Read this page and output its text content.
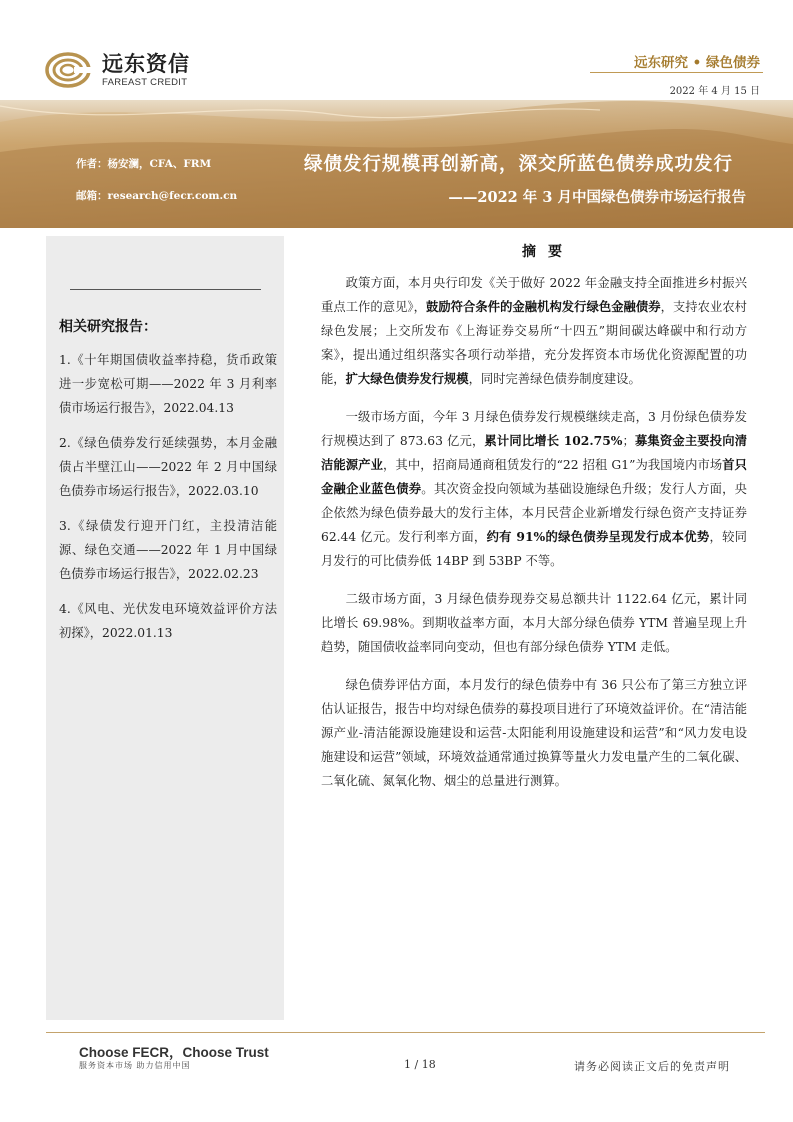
远东资信
FAREAST CREDIT
远东研究 • 绿色债券
2022 年 4 月 15 日
作者：杨安澜，CFA、FRM
邮箱：research@fecr.com.cn
绿债发行规模再创新高，深交所蓝色债券成功发行
——2022 年 3 月中国绿色债券市场运行报告
相关研究报告：
1.《十年期国债收益率持稳，货币政策进一步宽松可期——2022 年 3 月利率债市场运行报告》，2022.04.13
2.《绿色债券发行延续强势，本月金融债占半壁江山——2022 年 2 月中国绿色债券市场运行报告》，2022.03.10
3.《绿债发行迎开门红，主投清洁能源、绿色交通——2022 年 1 月中国绿色债券市场运行报告》，2022.02.23
4.《风电、光伏发电环境效益评价方法初探》，2022.01.13
摘要

政策方面，本月央行印发《关于做好 2022 年金融支持全面推进乡村振兴重点工作的意见》，鼓励符合条件的金融机构发行绿色金融债券，支持农业农村绿色发展；上交所发布《上海证券交易所“十四五”期间碳达峰碳中和行动方案》，提出通过组织落实各项行动举措，充分发挥资本市场优化资源配置的功能，扩大绿色债券发行规模，同时完善绿色债券制度建设。

一级市场方面，今年 3 月绿色债券发行规模继续走高，3 月份绿色债券发行规模达到了 873.63 亿元，累计同比增长 102.75%；募集资金主要投向清洁能源产业，其中，招商局通商租赁发行的“22 招租 G1”为我国境内市场首只金融企业蓝色债券。其次资金投向领域为基础设施绿色升级；发行人方面，央企依然为绿色债券最大的发行主体，本月民营企业新增发行绿色资产支持证券 62.44 亿元。发行利率方面，约有 91%的绿色债券呈现发行成本优势，较同月发行的可比债券低 14BP 到 53BP 不等。

二级市场方面，3 月绿色债券现券交易总额共计 1122.64 亿元，累计同比增长 69.98%。到期收益率方面，本月大部分绿色债券 YTM 普遍呈现上升趋势，随国债收益率同向变动，但也有部分绿色债券 YTM 走低。

绿色债券评估方面，本月发行的绿色债券中有 36 只公布了第三方独立评估认证报告，报告中均对绿色债券的募投项目进行了环境效益评价。在“清洁能源产业-清洁能源设施建设和运营-太阳能利用设施建设和运营”和“风力发电设施建设和运营”领域，环境效益通常通过换算等量火力发电量产生的二氧化碳、二氧化硫、氮氧化物、烟尘的总量进行测算。

Choose FECR，Choose Trust
服务资本市场 助力信用中国	1 / 18	请务必阅读正文后的免责声明
